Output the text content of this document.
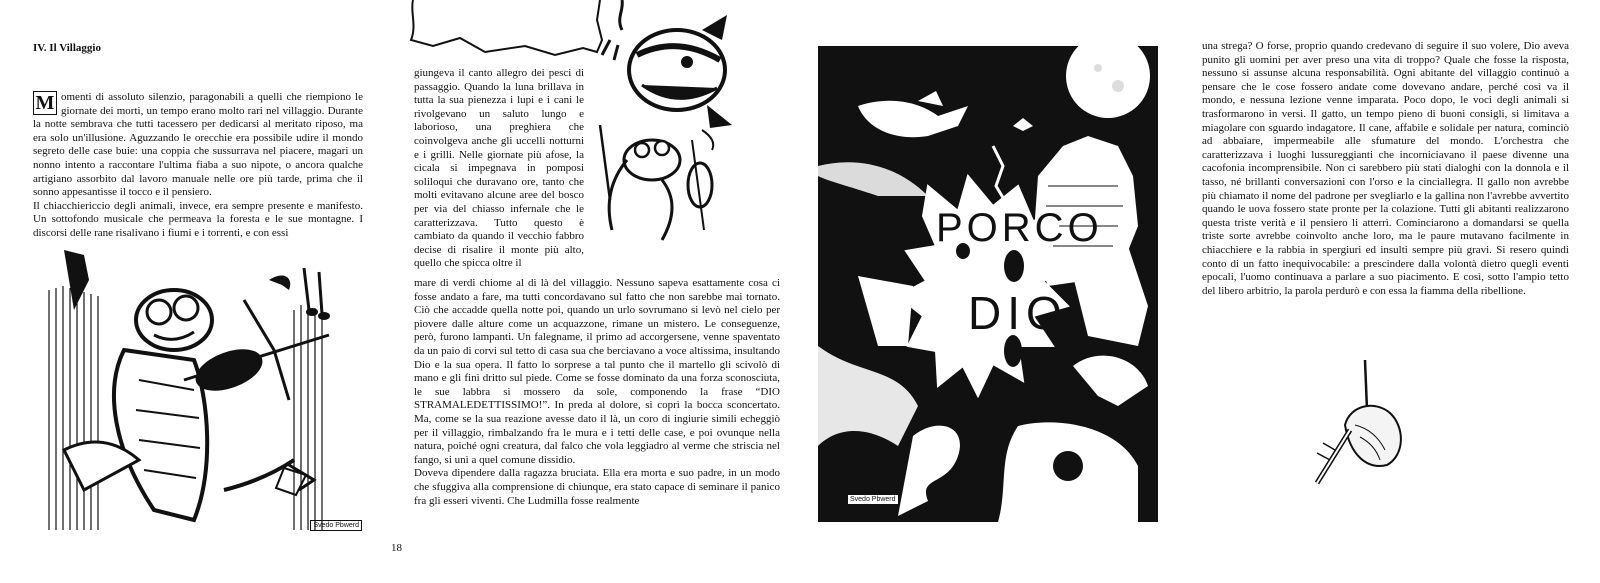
IV. Il Villaggio

M omenti di assoluto silenzio, paragonabili a quelli che riempiono le giornate dei morti, un tempo erano molto rari nel villaggio. Durante la notte sembrava che tutti tacessero per dedicarsi al meritato riposo, ma era solo un'illusione. Aguzzando le orecchie era possibile udire il mondo segreto delle case buie: una coppia che sussurrava nel piacere, magari un nonno intento a raccontare l'ultima fiaba a suo nipote, o ancora qualche artigiano assorbito dal lavoro manuale nelle ore più tarde, prima che il sonno appesantisse il tocco e il pensiero.

Il chiacchiericcio degli animali, invece, era sempre presente e manifesto. Un sottofondo musicale che permeava la foresta e le sue montagne. I discorsi delle rane risalivano i fiumi e i torrenti, e con essi

giungeva il canto allegro dei pesci di passaggio. Quando la luna brillava in tutta la sua pienezza i lupi e i cani le rivolgevano un saluto lungo e laborioso, una preghiera che coinvolgeva anche gli uccelli notturni e i grilli. Nelle giornate più afose, la cicala si impegnava in pomposi soliloqui che duravano ore, tanto che molti evitavano alcune aree del bosco per via del chiasso infernale che le caratterizzava. Tutto questo è cambiato da quando il vecchio fabbro decise di risalire il monte più alto, quello che spicca oltre il

mare di verdi chiome al di là del villaggio. Nessuno sapeva esattamente cosa ci fosse andato a fare, ma tutti concordavano sul fatto che non sarebbe mai tornato. Ciò che accadde quella notte poi, quando un urlo sovrumano si levò nel cielo per piovere dalle alture come un acquazzone, rimane un mistero. Le conseguenze, però, furono lampanti. Un falegname, il primo ad accorgersene, venne spaventato da un paio di corvi sul tetto di casa sua che berciavano a voce altissima, insultando Dio e la sua opera. Il fatto lo sorprese a tal punto che il martello gli scivolò di mano e gli finì dritto sul piede. Come se fosse dominato da una forza sconosciuta, le sue labbra si mossero da sole, componendo la frase “DIO STRAMALEDETTISSIMO!”. In preda al dolore, si coprì la bocca sconcertato. Ma, come se la sua reazione avesse dato il là, un coro di ingiurie simili echeggiò per il villaggio, rimbalzando fra le mura e i tetti delle case, e poi ovunque nella natura, poiché ogni creatura, dal falco che vola leggiadro al verme che striscia nel fango, si unì a quel comune dissidio.

Doveva dipendere dalla ragazza bruciata. Ella era morta e suo padre, in un modo che sfuggiva alla comprensione di chiunque, era stato capace di seminare il panico fra gli esseri viventi. Che Ludmilla fosse realmente

18
Svedo Pbwerd
PORCO
DIO
Svedo Pbwerd

una strega? O forse, proprio quando credevano di seguire il suo volere, Dio aveva punito gli uomini per aver preso una vita di troppo? Quale che fosse la risposta, nessuno si assunse alcuna responsabilità. Ogni abitante del villaggio continuò a pensare che le cose fossero andate come dovevano andare, perché così va il mondo, e nessuna lezione venne imparata. Poco dopo, le voci degli animali si trasformarono in versi. Il gatto, un tempo pieno di buoni consigli, si limitava a miagolare con sguardo indagatore. Il cane, affabile e solidale per natura, cominciò ad abbaiare, impermeabile alle sfumature del mondo. L'orchestra che caratterizzava i luoghi lussureggianti che incorniciavano il paese divenne una cacofonia incomprensibile. Non ci sarebbero più stati dialoghi con la donnola e il tasso, né brillanti conversazioni con l'orso e la cinciallegra. Il gallo non avrebbe più chiamato il nome del padrone per svegliarlo e la gallina non l'avrebbe avvertito quando le uova fossero state pronte per la colazione. Tutti gli abitanti realizzarono questa triste verità e il pensiero li atterrì. Cominciarono a domandarsi se quella triste sorte avrebbe coinvolto anche loro, ma le paure mutavano facilmente in chiacchiere e la rabbia in spergiuri ed insulti sempre più gravi. Si resero quindi conto di un fatto inequivocabile: a prescindere dalla volontà dietro quegli eventi epocali, l'uomo continuava a parlare a suo piacimento. E così, sotto l'ampio tetto del libero arbitrio, la parola perdurò e con essa la fiamma della ribellione.
